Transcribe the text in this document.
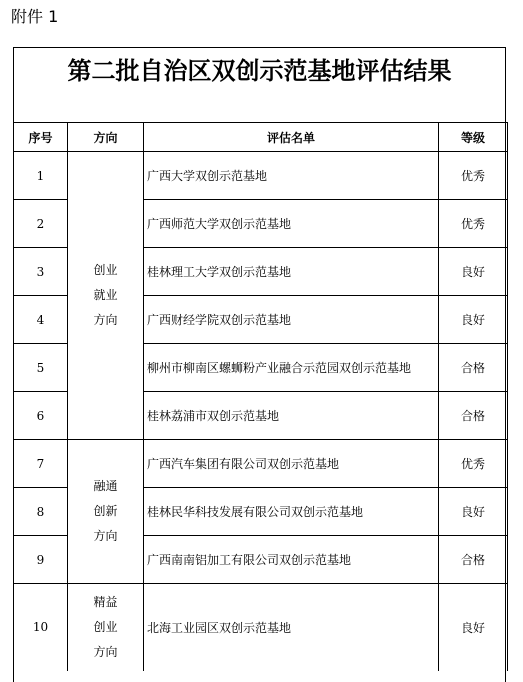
附件 1
第二批自治区双创示范基地评估结果
序号	方向	评估名单	等级
1	创业
就业
方向	广西大学双创示范基地	优秀
2		广西师范大学双创示范基地	优秀
3		桂林理工大学双创示范基地	良好
4		广西财经学院双创示范基地	良好
5		柳州市柳南区螺蛳粉产业融合示范园双创示范基地	合格
6		桂林荔浦市双创示范基地	合格
7	融通
创新
方向	广西汽车集团有限公司双创示范基地	优秀
8		桂林民华科技发展有限公司双创示范基地	良好
9		广西南南铝加工有限公司双创示范基地	合格
10	精益
创业
方向	北海工业园区双创示范基地	良好
